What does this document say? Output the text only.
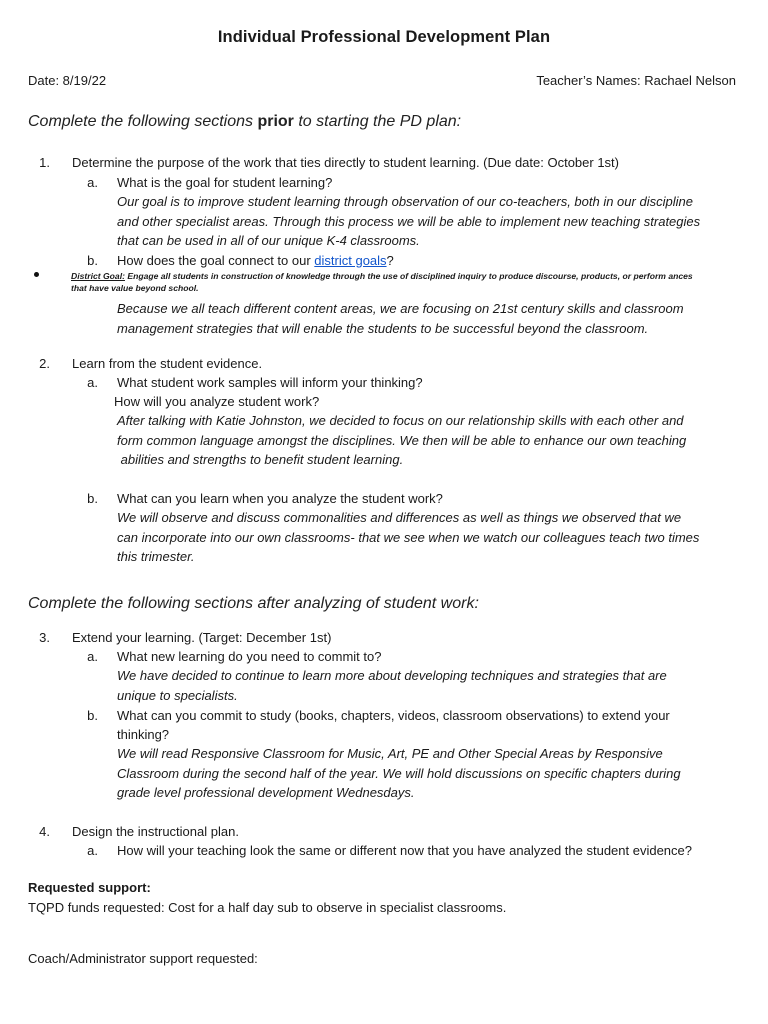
Individual Professional Development Plan
Date: 8/19/22	Teacher’s Names: Rachael Nelson
Complete the following sections prior to starting the PD plan:
1. Determine the purpose of the work that ties directly to student learning. (Due date: October 1st)
a. What is the goal for student learning?
Our goal is to improve student learning through observation of our co-teachers, both in our discipline
and other specialist areas. Through this process we will be able to implement new teaching strategies
that can be used in all of our unique K-4 classrooms.
b. How does the goal connect to our district goals?
District Goal: Engage all students in construction of knowledge through the use of disciplined inquiry to produce discourse, products, or perform ances
that have value beyond school.
Because we all teach different content areas, we are focusing on 21st century skills and classroom
management strategies that will enable the students to be successful beyond the classroom.
2. Learn from the student evidence.
a. What student work samples will inform your thinking?
How will you analyze student work?
After talking with Katie Johnston, we decided to focus on our relationship skills with each other and
form common language amongst the disciplines. We then will be able to enhance our own teaching
abilities and strengths to benefit student learning.
b. What can you learn when you analyze the student work?
We will observe and discuss commonalities and differences as well as things we observed that we
can incorporate into our own classrooms- that we see when we watch our colleagues teach two times
this trimester.
Complete the following sections after analyzing of student work:
3. Extend your learning. (Target: December 1st)
a. What new learning do you need to commit to?
We have decided to continue to learn more about developing techniques and strategies that are
unique to specialists.
b. What can you commit to study (books, chapters, videos, classroom observations) to extend your
thinking?
We will read Responsive Classroom for Music, Art, PE and Other Special Areas by Responsive
Classroom during the second half of the year. We will hold discussions on specific chapters during
grade level professional development Wednesdays.
4. Design the instructional plan.
a. How will your teaching look the same or different now that you have analyzed the student evidence?
Requested support:
TQPD funds requested: Cost for a half day sub to observe in specialist classrooms.
Coach/Administrator support requested:
